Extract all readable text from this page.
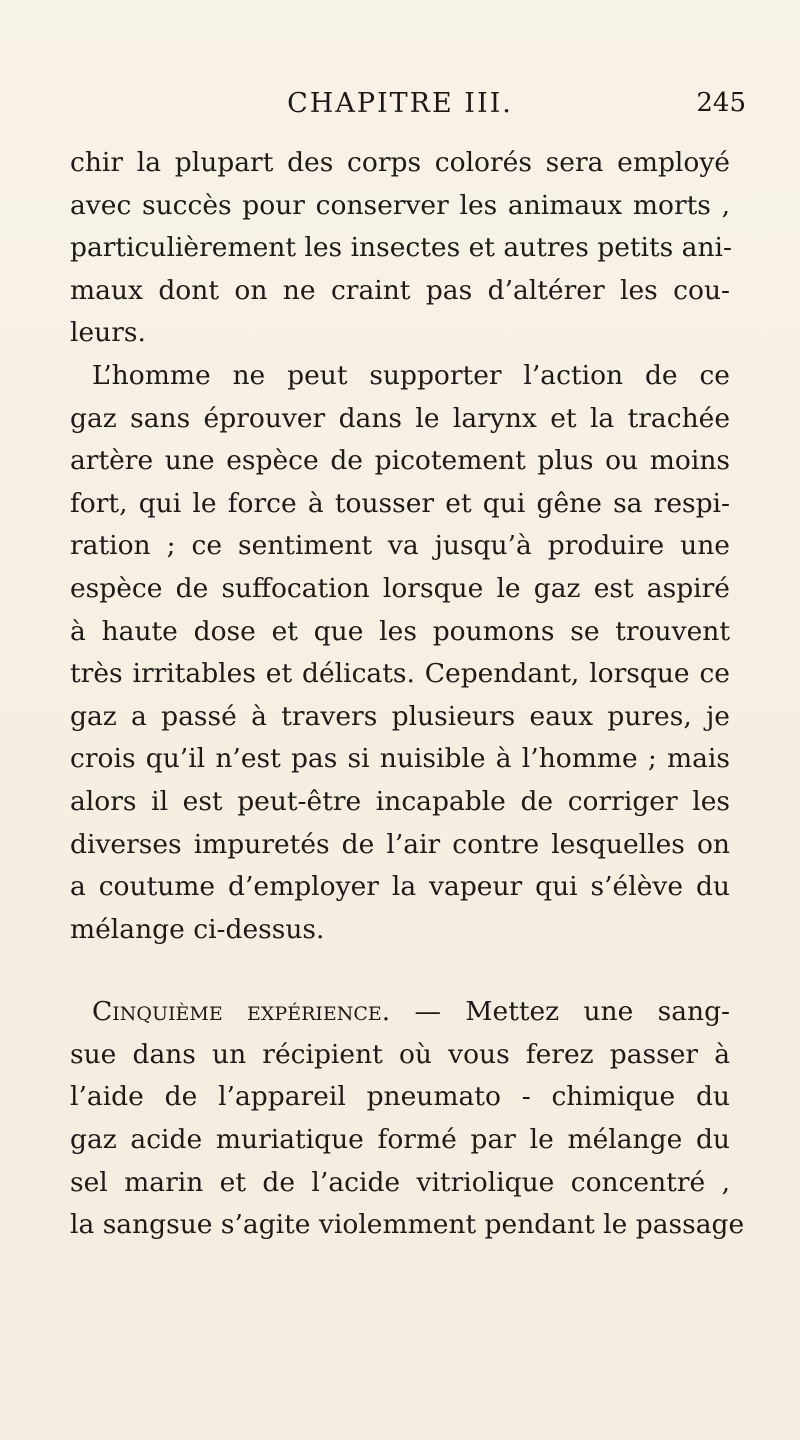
CHAPITRE III.	245
chir la plupart des corps colorés sera employé
avec succès pour conserver les animaux morts ,
particulièrement les insectes et autres petits ani-
maux dont on ne craint pas d’altérer les cou-
leurs.
L’homme ne peut supporter l’action de ce
gaz sans éprouver dans le larynx et la trachée
artère une espèce de picotement plus ou moins
fort, qui le force à tousser et qui gêne sa respi-
ration ; ce sentiment va jusqu’à produire une
espèce de suffocation lorsque le gaz est aspiré
à haute dose et que les poumons se trouvent
très irritables et délicats. Cependant, lorsque ce
gaz a passé à travers plusieurs eaux pures, je
crois qu’il n’est pas si nuisible à l’homme ; mais
alors il est peut-être incapable de corriger les
diverses impuretés de l’air contre lesquelles on
a coutume d’employer la vapeur qui s’élève du
mélange ci-dessus.
Cinquième expérience. — Mettez une sang-
sue dans un récipient où vous ferez passer à
l’aide de l’appareil pneumato - chimique du
gaz acide muriatique formé par le mélange du
sel marin et de l’acide vitriolique concentré ,
la sangsue s’agite violemment pendant le passage
